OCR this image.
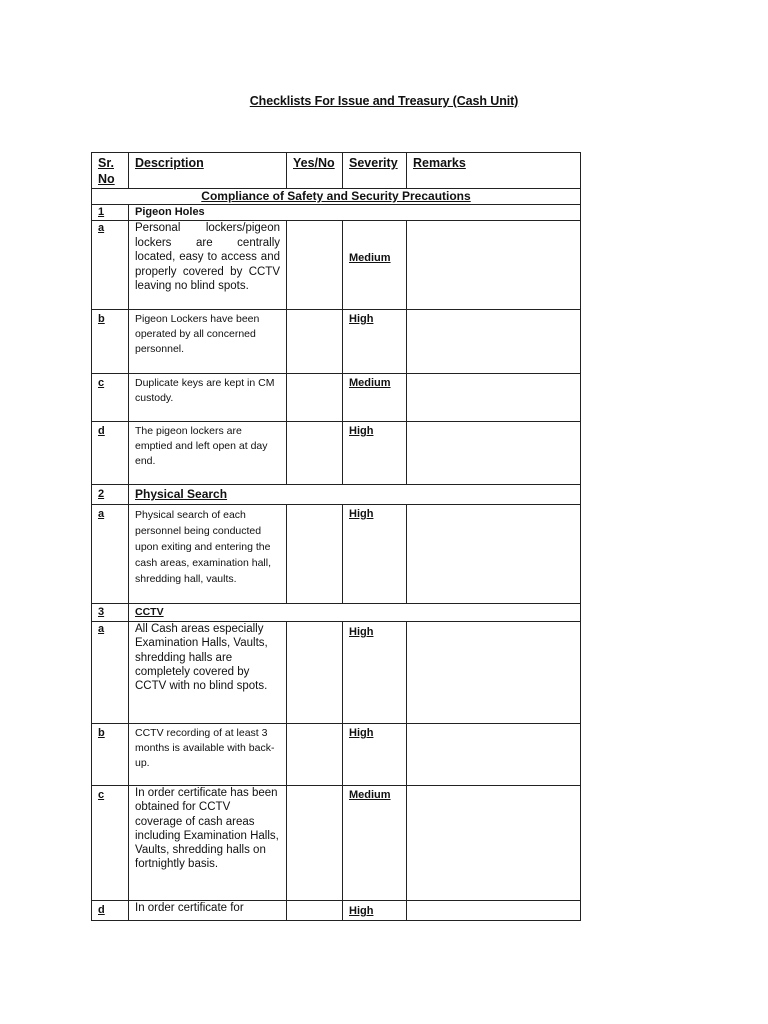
Checklists For Issue and Treasury (Cash Unit)
Sr. No	Description	Yes/No	Severity	Remarks
Compliance of Safety and Security Precautions				
1	Pigeon Holes			
a	Personal lockers/pigeon lockers are centrally located, easy to access and properly covered by CCTV leaving no blind spots.		Medium	
b	Pigeon Lockers have been operated by all concerned personnel.		High	
c	Duplicate keys are kept in CM custody.		Medium	
d	The pigeon lockers are emptied and left open at day end.		High	
2	Physical Search			
a	Physical search of each personnel being conducted upon exiting and entering the cash areas, examination hall, shredding hall, vaults.		High	
3	CCTV			
a	All Cash areas especially Examination Halls, Vaults, shredding halls are completely covered by CCTV with no blind spots.		High	
b	CCTV recording of at least 3 months is available with back-up.		High	
c	In order certificate has been obtained for CCTV coverage of cash areas including Examination Halls, Vaults, shredding halls on fortnightly basis.		Medium	
d	In order certificate for		High	
